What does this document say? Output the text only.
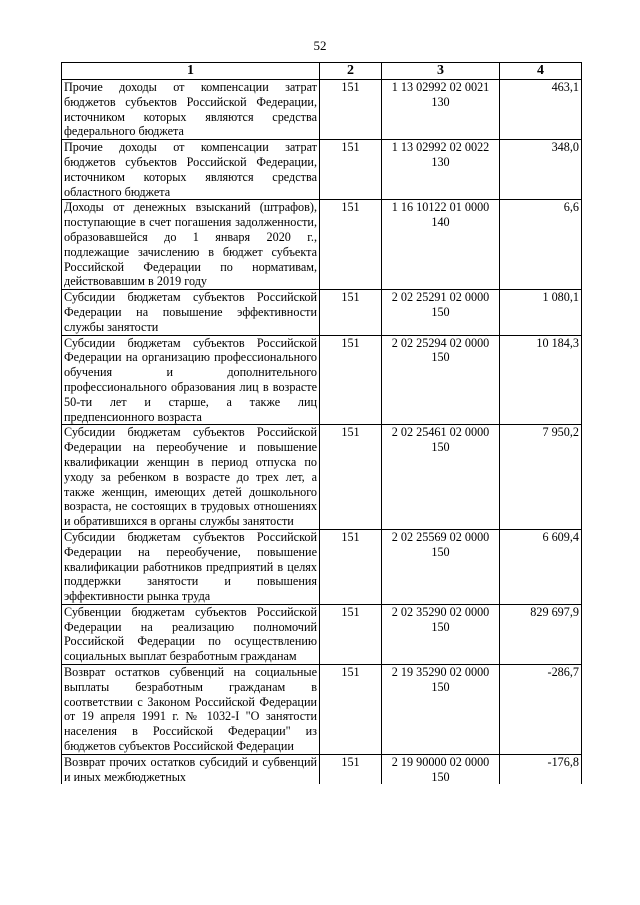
52
1	2	3	4
Прочие доходы от компенсации затрат бюджетов субъектов Российской Федерации, источником которых являются средства федерального бюджета	151	1 13 02992 02 0021 130	463,1
Прочие доходы от компенсации затрат бюджетов субъектов Российской Федерации, источником которых являются средства областного бюджета	151	1 13 02992 02 0022 130	348,0
Доходы от денежных взысканий (штрафов), поступающие в счет погашения задолженности, образовавшейся до 1 января 2020 г., подлежащие зачислению в бюджет субъекта Российской Федерации по нормативам, действовавшим в 2019 году	151	1 16 10122 01 0000 140	6,6
Субсидии бюджетам субъектов Российской Федерации на повышение эффективности службы занятости	151	2 02 25291 02 0000 150	1 080,1
Субсидии бюджетам субъектов Российской Федерации на организацию профессионального обучения и дополнительного профессионального образования лиц в возрасте 50-ти лет и старше, а также лиц предпенсионного возраста	151	2 02 25294 02 0000 150	10 184,3
Субсидии бюджетам субъектов Российской Федерации на переобучение и повышение квалификации женщин в период отпуска по уходу за ребенком в возрасте до трех лет, а также женщин, имеющих детей дошкольного возраста, не состоящих в трудовых отношениях и обратившихся в органы службы занятости	151	2 02 25461 02 0000 150	7 950,2
Субсидии бюджетам субъектов Российской Федерации на переобучение, повышение квалификации работников предприятий в целях поддержки занятости и повышения эффективности рынка труда	151	2 02 25569 02 0000 150	6 609,4
Субвенции бюджетам субъектов Российской Федерации на реализацию полномочий Российской Федерации по осуществлению социальных выплат безработным гражданам	151	2 02 35290 02 0000 150	829 697,9
Возврат остатков субвенций на социальные выплаты безработным гражданам в соответствии с Законом Российской Федерации от 19 апреля 1991 г. № 1032-I "О занятости населения в Российской Федерации" из бюджетов субъектов Российской Федерации	151	2 19 35290 02 0000 150	-286,7
Возврат прочих остатков субсидий и субвенций и иных межбюджетных	151	2 19 90000 02 0000 150	-176,8
